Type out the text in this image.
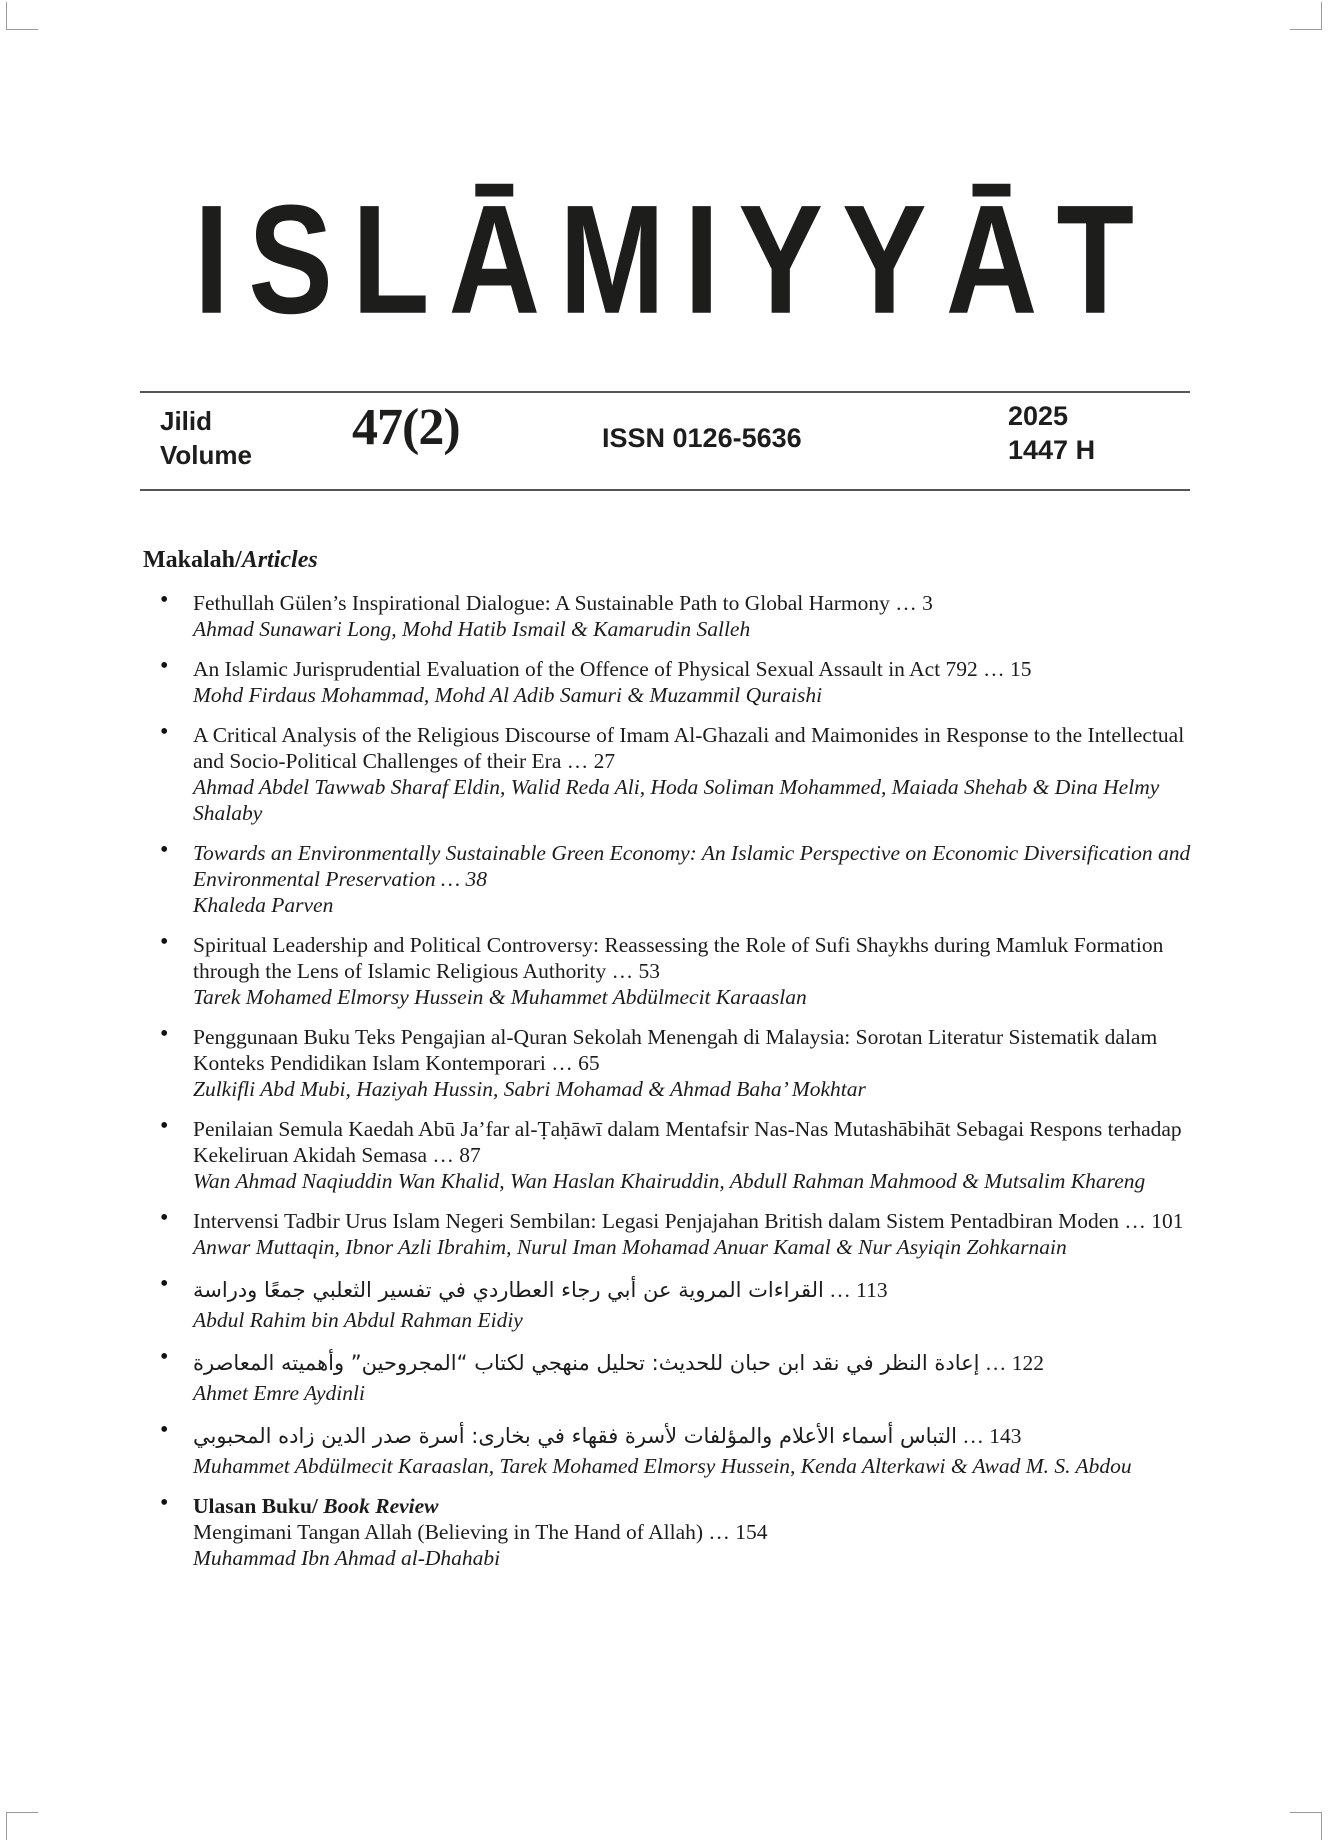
ISLĀMIYYĀT
Jilid
Volume 47(2)	ISSN 0126-5636
2025
1447 H
Makalah/Articles
• Fethullah Gülen’s Inspirational Dialogue: A Sustainable Path to Global Harmony … 3
Ahmad Sunawari Long, Mohd Hatib Ismail & Kamarudin Salleh
• An Islamic Jurisprudential Evaluation of the Offence of Physical Sexual Assault in Act 792 … 15
Mohd Firdaus Mohammad, Mohd Al Adib Samuri & Muzammil Quraishi
• A Critical Analysis of the Religious Discourse of Imam Al-Ghazali and Maimonides in Response to the Intellectual and Socio-Political Challenges of their Era … 27
Ahmad Abdel Tawwab Sharaf Eldin, Walid Reda Ali, Hoda Soliman Mohammed, Maiada Shehab & Dina Helmy Shalaby
• Towards an Environmentally Sustainable Green Economy: An Islamic Perspective on Economic Diversification and Environmental Preservation … 38
Khaleda Parven
• Spiritual Leadership and Political Controversy: Reassessing the Role of Sufi Shaykhs during Mamluk Formation through the Lens of Islamic Religious Authority … 53
Tarek Mohamed Elmorsy Hussein & Muhammet Abdülmecit Karaaslan
• Penggunaan Buku Teks Pengajian al-Quran Sekolah Menengah di Malaysia: Sorotan Literatur Sistematik dalam Konteks Pendidikan Islam Kontemporari … 65
Zulkifli Abd Mubi, Haziyah Hussin, Sabri Mohamad & Ahmad Baha’ Mokhtar
• Penilaian Semula Kaedah Abū Ja’far al-Ṭaḥāwī dalam Mentafsir Nas-Nas Mutashābihāt Sebagai Respons terhadap Kekeliruan Akidah Semasa … 87
Wan Ahmad Naqiuddin Wan Khalid, Wan Haslan Khairuddin, Abdull Rahman Mahmood & Mutsalim Khareng
• Intervensi Tadbir Urus Islam Negeri Sembilan: Legasi Penjajahan British dalam Sistem Pentadbiran Moden … 101
Anwar Muttaqin, Ibnor Azli Ibrahim, Nurul Iman Mohamad Anuar Kamal & Nur Asyiqin Zohkarnain
• القراءات المروية عن أبي رجاء العطاردي في تفسير الثعلبي جمعًا ودراسة … 113
Abdul Rahim bin Abdul Rahman Eidiy
• إعادة النظر في نقد ابن حبان للحديث: تحليل منهجي لكتاب “المجروحين” وأهميته المعاصرة … 122
Ahmet Emre Aydinli
• التباس أسماء الأعلام والمؤلفات لأسرة فقهاء في بخارى: أسرة صدر الدين زاده المحبوبي … 143
Muhammet Abdülmecit Karaaslan, Tarek Mohamed Elmorsy Hussein, Kenda Alterkawi & Awad M. S. Abdou
• Ulasan Buku/ Book Review
Mengimani Tangan Allah (Believing in The Hand of Allah) … 154
Muhammad Ibn Ahmad al-Dhahabi
